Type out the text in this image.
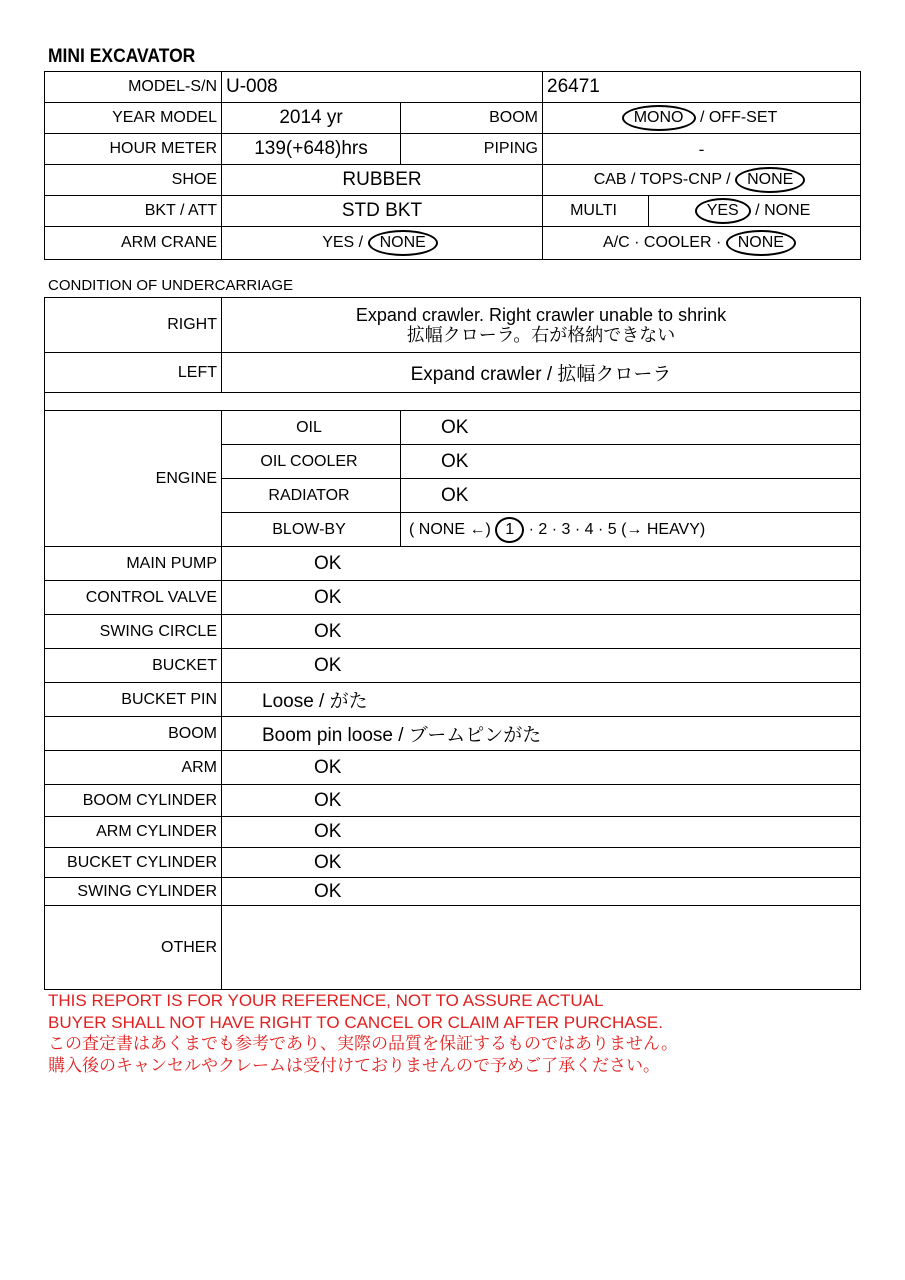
MINI EXCAVATOR
MODEL-S/N	U-008		26471	
YEAR MODEL	2014 yr	BOOM	MONO / OFF-SET	
HOUR METER	139(+648)hrs	PIPING	-	
SHOE	RUBBER		CAB / TOPS-CNP / NONE	
BKT / ATT	STD BKT		MULTI	YES / NONE
ARM CRANE	YES / NONE		A/C · COOLER · NONE	
CONDITION OF UNDERCARRIAGE
RIGHT	Expand crawler. Right crawler unable to shrink
拡幅クローラ。右が格納できない	

LEFT	Expand crawler / 拡幅クローラ	

ENGINE	OIL	OK
	OIL COOLER	OK
	RADIATOR	OK
	BLOW-BY	( NONE ←) 1 · 2 · 3 · 4 · 5 (→ HEAVY)
MAIN PUMP	OK	
CONTROL VALVE	OK	
SWING CIRCLE	OK	
BUCKET	OK	
BUCKET PIN	Loose / がた	
BOOM	Boom pin loose / ブームピンがた	
ARM	OK	
BOOM CYLINDER	OK	
ARM CYLINDER	OK	
BUCKET CYLINDER	OK	
SWING CYLINDER	OK	
OTHER		
THIS REPORT IS FOR YOUR REFERENCE, NOT TO ASSURE ACTUAL
BUYER SHALL NOT HAVE RIGHT TO CANCEL OR CLAIM AFTER PURCHASE.
この査定書はあくまでも参考であり、実際の品質を保証するものではありません。
購入後のキャンセルやクレームは受付けておりませんので予めご了承ください。
